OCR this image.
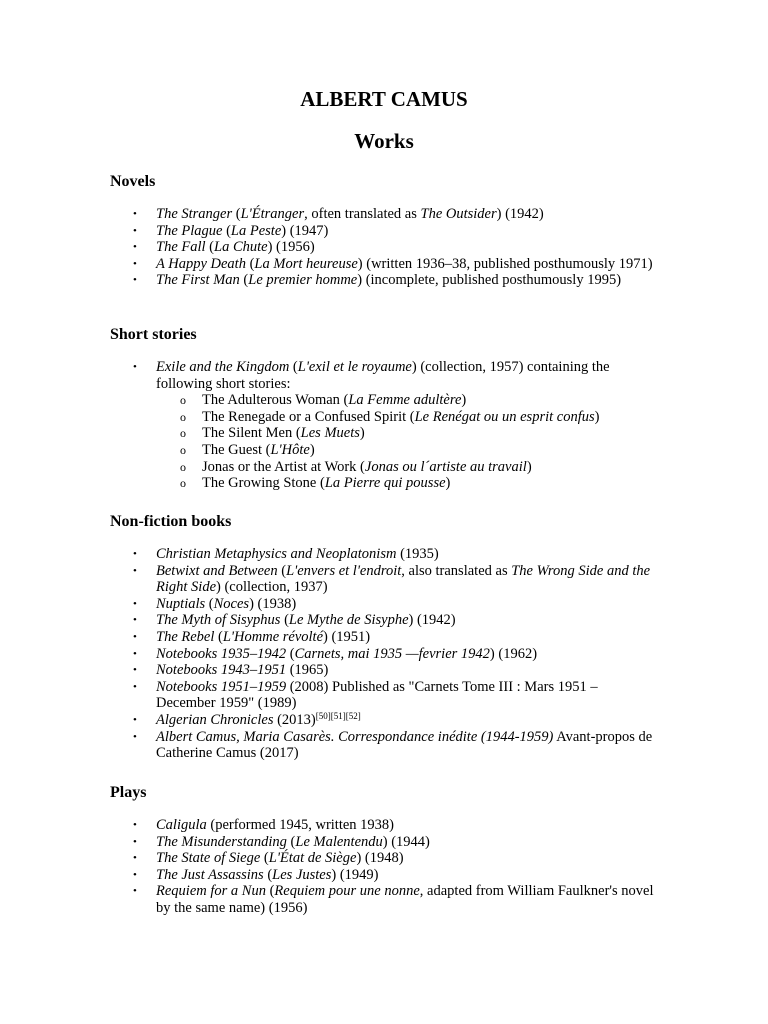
ALBERT CAMUS
Works
Novels
• The Stranger (L'Étranger, often translated as The Outsider) (1942)
• The Plague (La Peste) (1947)
• The Fall (La Chute) (1956)
• A Happy Death (La Mort heureuse) (written 1936–38, published posthumously 1971)
• The First Man (Le premier homme) (incomplete, published posthumously 1995)
Short stories
• Exile and the Kingdom (L'exil et le royaume) (collection, 1957) containing the following short stories:
o The Adulterous Woman (La Femme adultère)
o The Renegade or a Confused Spirit (Le Renégat ou un esprit confus)
o The Silent Men (Les Muets)
o The Guest (L'Hôte)
o Jonas or the Artist at Work (Jonas ou l´artiste au travail)
o The Growing Stone (La Pierre qui pousse)
Non-fiction books
• Christian Metaphysics and Neoplatonism (1935)
• Betwixt and Between (L'envers et l'endroit, also translated as The Wrong Side and the Right Side) (collection, 1937)
• Nuptials (Noces) (1938)
• The Myth of Sisyphus (Le Mythe de Sisyphe) (1942)
• The Rebel (L'Homme révolté) (1951)
• Notebooks 1935–1942 (Carnets, mai 1935 —fevrier 1942) (1962)
• Notebooks 1943–1951 (1965)
• Notebooks 1951–1959 (2008) Published as "Carnets Tome III : Mars 1951 – December 1959" (1989)
• Algerian Chronicles (2013)[50][51][52]
• Albert Camus, Maria Casarès. Correspondance inédite (1944-1959) Avant-propos de Catherine Camus (2017)
Plays
• Caligula (performed 1945, written 1938)
• The Misunderstanding (Le Malentendu) (1944)
• The State of Siege (L'État de Siège) (1948)
• The Just Assassins (Les Justes) (1949)
• Requiem for a Nun (Requiem pour une nonne, adapted from William Faulkner's novel by the same name) (1956)
